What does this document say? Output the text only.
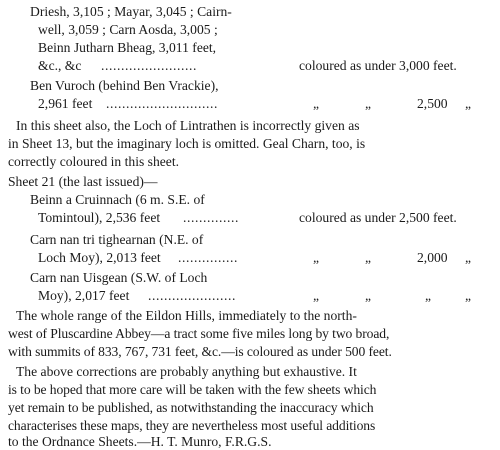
Driesh, 3,105 ; Mayar, 3,045 ; Cairn-
well, 3,059 ; Carn Aosda, 3,005 ;
Beinn Jutharn Bheag, 3,011 feet,
&c., &c ........................	coloured as under 3,000 feet.
Ben Vuroch (behind Ben Vrackie),
2,961 feet ............................	„	„	2,500 „
In this sheet also, the Loch of Lintrathen is incorrectly given as
in Sheet 13, but the imaginary loch is omitted. Geal Charn, too, is
correctly coloured in this sheet.
Sheet 21 (the last issued)—
Beinn a Cruinnach (6 m. S.E. of
Tomintoul), 2,536 feet ..............	coloured as under 2,500 feet.
Carn nan tri tighearnan (N.E. of
Loch Moy), 2,013 feet ...............	„	„	2,000 „
Carn nan Uisgean (S.W. of Loch
Moy), 2,017 feet ......................	„	„	„ „
The whole range of the Eildon Hills, immediately to the north-
west of Pluscardine Abbey—a tract some five miles long by two broad,
with summits of 833, 767, 731 feet, &c.—is coloured as under 500 feet.
The above corrections are probably anything but exhaustive. It
is to be hoped that more care will be taken with the few sheets which
yet remain to be published, as notwithstanding the inaccuracy which
characterises these maps, they are nevertheless most useful additions
to the Ordnance Sheets.—H. T. Munro, F.R.G.S.
